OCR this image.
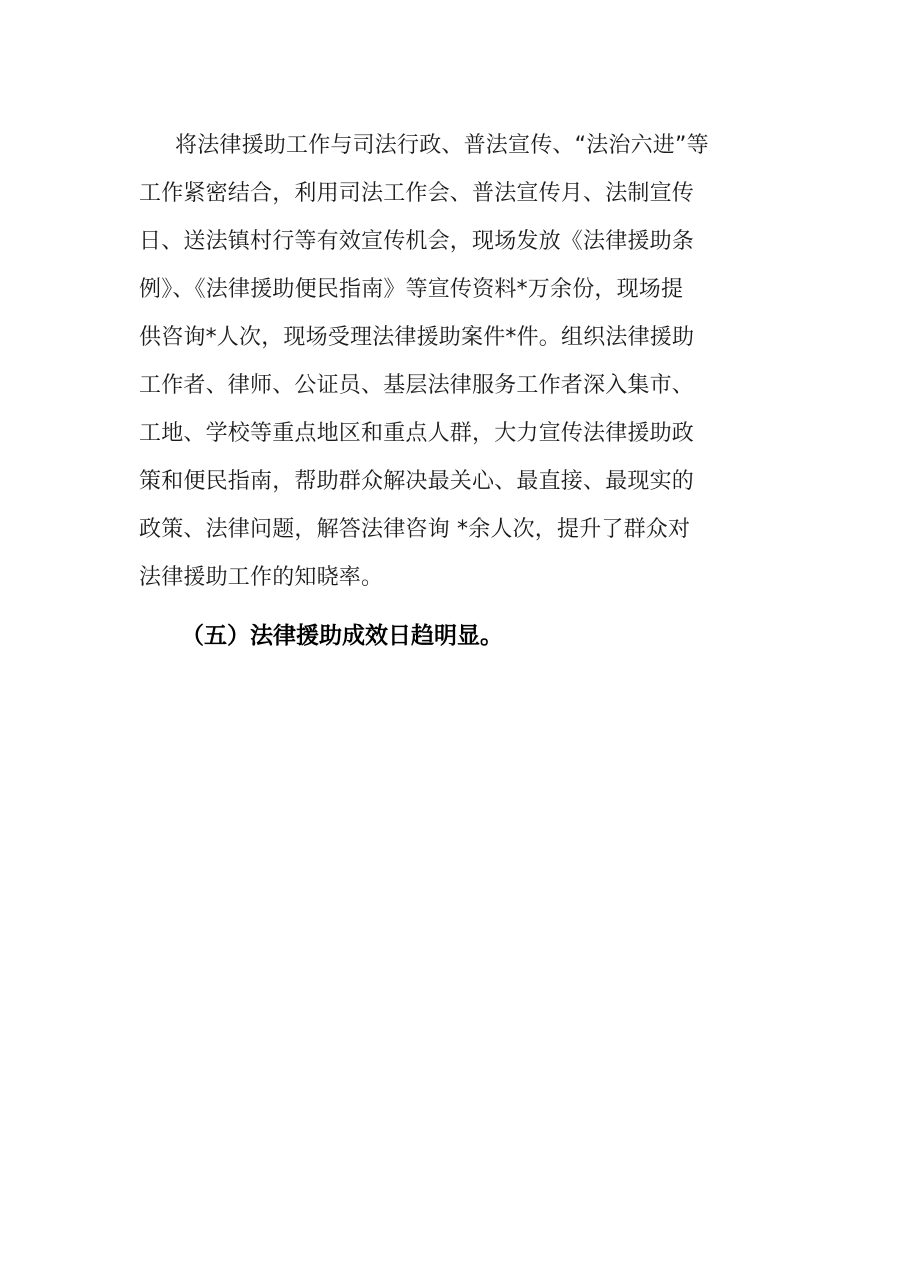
将法律援助工作与司法行政、普法宣传、“法治六进”等
工作紧密结合，利用司法工作会、普法宣传月、法制宣传
日、送法镇村行等有效宣传机会，现场发放《法律援助条
例》、《法律援助便民指南》等宣传资料*万余份，现场提
供咨询*人次，现场受理法律援助案件*件。组织法律援助
工作者、律师、公证员、基层法律服务工作者深入集市、
工地、学校等重点地区和重点人群，大力宣传法律援助政
策和便民指南，帮助群众解决最关心、最直接、最现实的
政策、法律问题，解答法律咨询 *余人次，提升了群众对
法律援助工作的知晓率。
（五）法律援助成效日趋明显。
